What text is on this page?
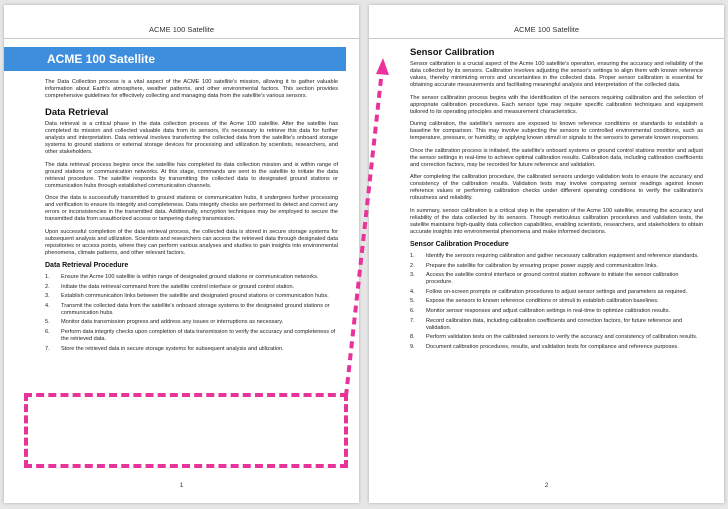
ACME 100 Satellite
ACME 100 Satellite

The Data Collection process is a vital aspect of the ACME 100 satellite's mission, allowing it to gather valuable information about Earth's atmosphere, weather patterns, and other environmental factors. This section provides comprehensive guidelines for effectively collecting and managing data from the satellite's various sensors.

Data Retrieval

Data retrieval is a critical phase in the data collection process of the Acme 100 satellite. After the satellite has completed its mission and collected valuable data from its sensors, it's necessary to retrieve this data for further analysis and interpretation. Data retrieval involves transferring the collected data from the satellite's onboard storage systems to ground stations or external storage devices for processing and utilization by scientists, researchers, and other stakeholders.

The data retrieval process begins once the satellite has completed its data collection mission and is within range of ground stations or communication networks. At this stage, commands are sent to the satellite to initiate the data retrieval procedure. The satellite responds by transmitting the collected data to designated ground stations or communication hubs through established communication channels.

Once the data is successfully transmitted to ground stations or communication hubs, it undergoes further processing and verification to ensure its integrity and completeness. Data integrity checks are performed to detect and correct any errors or inconsistencies in the transmitted data. Additionally, encryption techniques may be employed to secure the transmitted data from unauthorized access or tampering during transmission.

Upon successful completion of the data retrieval process, the collected data is stored in secure storage systems for subsequent analysis and utilization. Scientists and researchers can access the retrieved data through designated data repositories or access points, where they can perform various analyses and studies to gain insights into environmental phenomena, climate patterns, and other relevant factors.

Data Retrieval Procedure
1. Ensure the Acme 100 satellite is within range of designated ground stations or communication networks.
2. Initiate the data retrieval command from the satellite control interface or ground control station.
3. Establish communication links between the satellite and designated ground stations or communication hubs.
4. Transmit the collected data from the satellite's onboard storage systems to the designated ground stations or communication hubs.
5. Monitor data transmission progress and address any issues or interruptions as necessary.
6. Perform data integrity checks upon completion of data transmission to verify the accuracy and completeness of the retrieved data.
7. Store the retrieved data in secure storage systems for subsequent analysis and utilization.
1
ACME 100 Satellite
Sensor Calibration

Sensor calibration is a crucial aspect of the Acme 100 satellite's operation, ensuring the accuracy and reliability of the data collected by its sensors. Calibration involves adjusting the sensor's settings to align them with known reference values, thereby minimizing errors and uncertainties in the collected data. Proper sensor calibration is essential for obtaining accurate measurements and facilitating meaningful analysis and interpretation of the collected data.

The sensor calibration process begins with the identification of the sensors requiring calibration and the selection of appropriate calibration procedures. Each sensor type may require specific calibration techniques and equipment tailored to its operating principles and measurement characteristics.

During calibration, the satellite's sensors are exposed to known reference conditions or standards to establish a baseline for comparison. This may involve subjecting the sensors to controlled environmental conditions, such as temperature, pressure, or humidity, or applying known stimuli or signals to the sensors to generate known responses.

Once the calibration process is initiated, the satellite's onboard systems or ground control stations monitor and adjust the sensor settings in real-time to achieve optimal calibration results. Calibration data, including calibration coefficients and correction factors, may be recorded for future reference and validation.

After completing the calibration procedure, the calibrated sensors undergo validation tests to ensure the accuracy and consistency of the calibration results. Validation tests may involve comparing sensor readings against known reference values or performing calibration checks under different operating conditions to verify the calibration's robustness and reliability.

In summary, sensor calibration is a critical step in the operation of the Acme 100 satellite, ensuring the accuracy and reliability of the data collected by its sensors. Through meticulous calibration procedures and validation tests, the satellite maintains high-quality data collection capabilities, enabling scientists, researchers, and stakeholders to obtain accurate insights into environmental phenomena and make informed decisions.

Sensor Calibration Procedure
1. Identify the sensors requiring calibration and gather necessary calibration equipment and reference standards.
2. Prepare the satellite for calibration by ensuring proper power supply and communication links.
3. Access the satellite control interface or ground control station software to initiate the sensor calibration procedure.
4. Follow on-screen prompts or calibration procedures to adjust sensor settings and parameters as required.
5. Expose the sensors to known reference conditions or stimuli to establish calibration baselines.
6. Monitor sensor responses and adjust calibration settings in real-time to optimize calibration results.
7. Record calibration data, including calibration coefficients and correction factors, for future reference and validation.
8. Perform validation tests on the calibrated sensors to verify the accuracy and consistency of calibration results.
9. Document calibration procedures, results, and validation tests for compliance and reference purposes.
2
